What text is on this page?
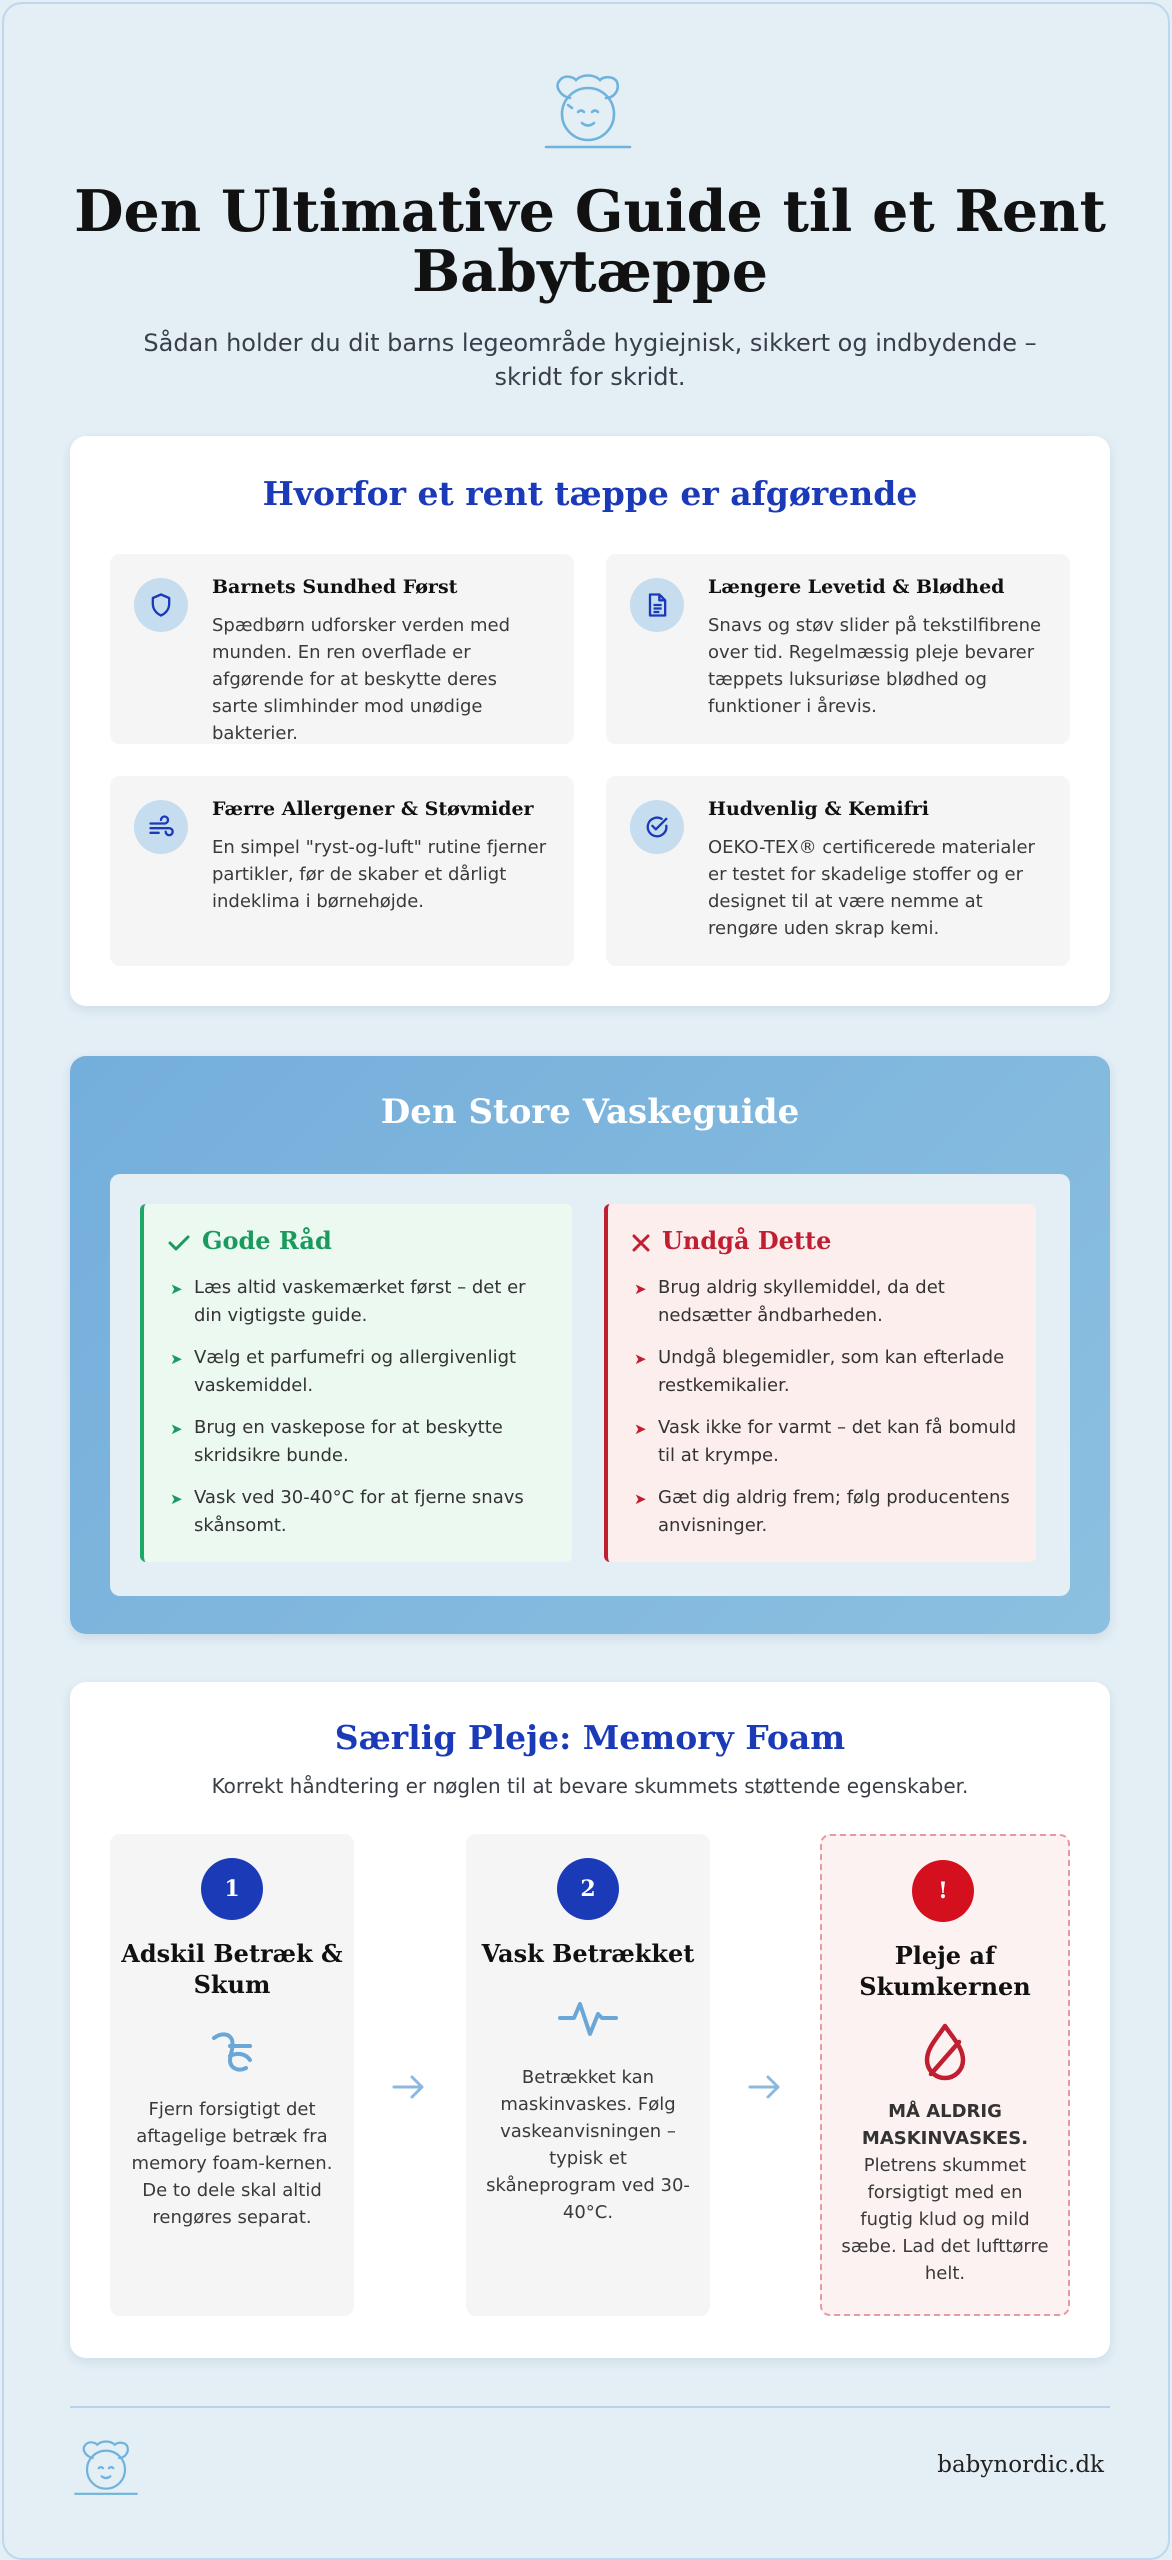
Den Ultimative Guide til et Rent Babytæppe

Sådan holder du dit barns legeområde hygiejnisk, sikkert og indbydende – skridt for skridt.

Hvorfor et rent tæppe er afgørende
Barnets Sundhed Først
Spædbørn udforsker verden med munden. En ren overflade er afgørende for at beskytte deres sarte slimhinder mod unødige bakterier.
Længere Levetid & Blødhed
Snavs og støv slider på tekstilfibrene over tid. Regelmæssig pleje bevarer tæppets luksuriøse blødhed og funktioner i årevis.
Færre Allergener & Støvmider
En simpel "ryst-og-luft" rutine fjerner partikler, før de skaber et dårligt indeklima i børnehøjde.
Hudvenlig & Kemifri
OEKO-TEX® certificerede materialer er testet for skadelige stoffer og er designet til at være nemme at rengøre uden skrap kemi.
Den Store Vaskeguide
Gode Råd
➤ Læs altid vaskemærket først – det er din vigtigste guide.
➤ Vælg et parfumefri og allergivenligt vaskemiddel.
➤ Brug en vaskepose for at beskytte skridsikre bunde.
➤ Vask ved 30-40°C for at fjerne snavs skånsomt.
Undgå Dette
➤ Brug aldrig skyllemiddel, da det nedsætter åndbarheden.
➤ Undgå blegemidler, som kan efterlade restkemikalier.
➤ Vask ikke for varmt – det kan få bomuld til at krympe.
➤ Gæt dig aldrig frem; følg producentens anvisninger.
Særlig Pleje: Memory Foam

Korrekt håndtering er nøglen til at bevare skummets støttende egenskaber.

1
Adskil Betræk & Skum
Fjern forsigtigt det aftagelige betræk fra memory foam-kernen. De to dele skal altid rengøres separat.
2
Vask Betrækket
Betrækket kan maskinvaskes. Følg vaskeanvisningen – typisk et skåneprogram ved 30-40°C.
!
Pleje af Skumkernen
MÅ ALDRIG MASKINVASKES.
Pletrens skummet forsigtigt med en fugtig klud og mild sæbe. Lad det lufttørre helt.
babynordic.dk
